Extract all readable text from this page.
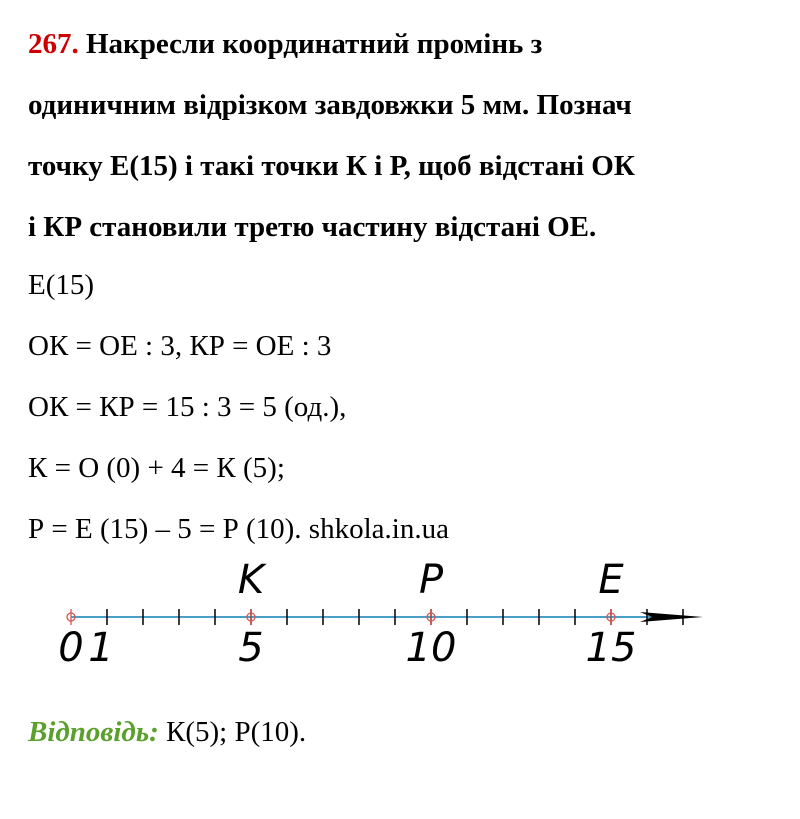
267. Накресли координатний промінь з
одиничним відрізком завдовжки 5 мм. Познач
точку Е(15) і такі точки К і Р, щоб відстані ОК
і КР становили третю частину відстані ОЕ.
Е(15)
ОК = ОЕ : 3, КР = ОЕ : 3
ОК = КР = 15 : 3 = 5 (од.),
К = О (0) + 4 = К (5);
Р = Е (15) – 5 = Р (10). shkola.in.ua
K	P	E
0 1	5	10	15
Відповідь: К(5); Р(10).
